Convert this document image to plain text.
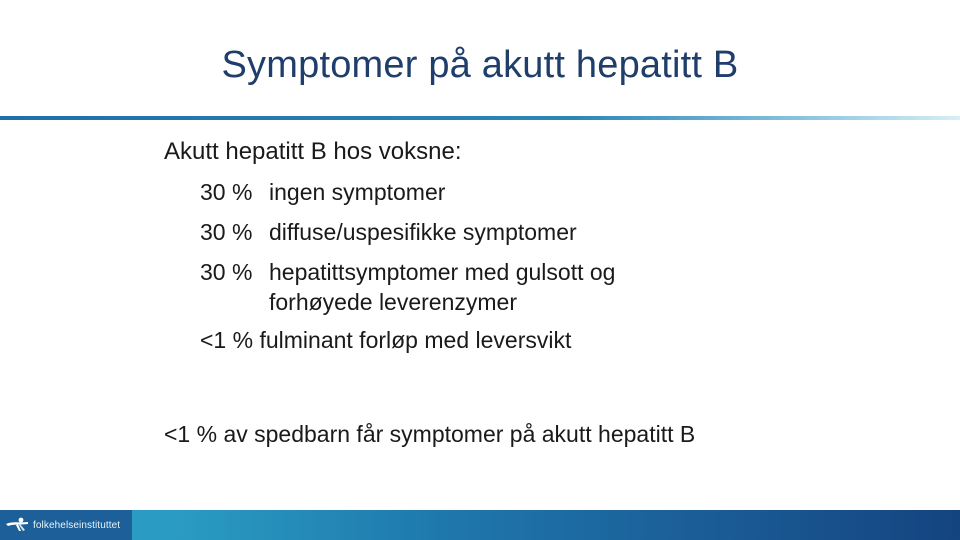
Symptomer på akutt hepatitt B
Akutt hepatitt B hos voksne:
30 % ingen symptomer
30 % diffuse/uspesifikke symptomer
30 % hepatittsymptomer med gulsott og
forhøyede leverenzymer
<1 % fulminant forløp med leversvikt
<1 % av spedbarn får symptomer på akutt hepatitt B
folkehelseinstituttet
